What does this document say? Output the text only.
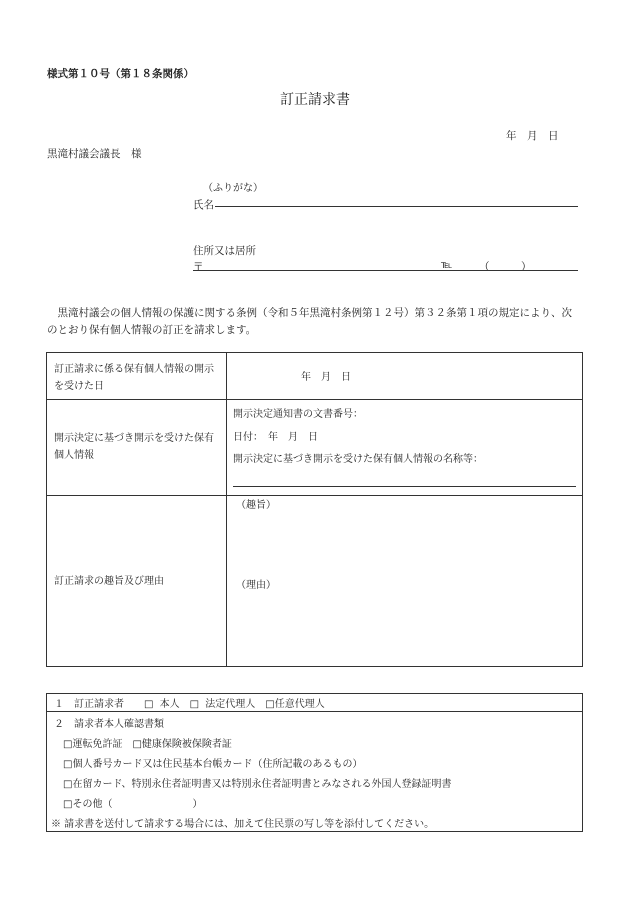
様式第１０号（第１８条関係）
訂正請求書
年　月　日
黒滝村議会議長　様
（ふりがな）
氏名
住所又は居所
〒	℡	（　　　）
黒滝村議会の個人情報の保護に関する条例（令和５年黒滝村条例第１２号）第３２条第１項の規定により、次のとおり保有個人情報の訂正を請求します。
訂正請求に係る保有個人情報の開示を受けた日
年　月　日
開示決定に基づき開示を受けた保有個人情報
開示決定通知書の文書番号：
日付：　年　月　日
開示決定に基づき開示を受けた保有個人情報の名称等：
訂正請求の趣旨及び理由
（趣旨）
（理由）
１　訂正請求者　　□ 本人　□ 法定代理人　□任意代理人
２　請求者本人確認書類
□運転免許証　□健康保険被保険者証
□個人番号カード又は住民基本台帳カード（住所記載のあるもの）
□在留カード、特別永住者証明書又は特別永住者証明書とみなされる外国人登録証明書
□その他（　　　　　　　　）
※ 請求書を送付して請求する場合には、加えて住民票の写し等を添付してください。
